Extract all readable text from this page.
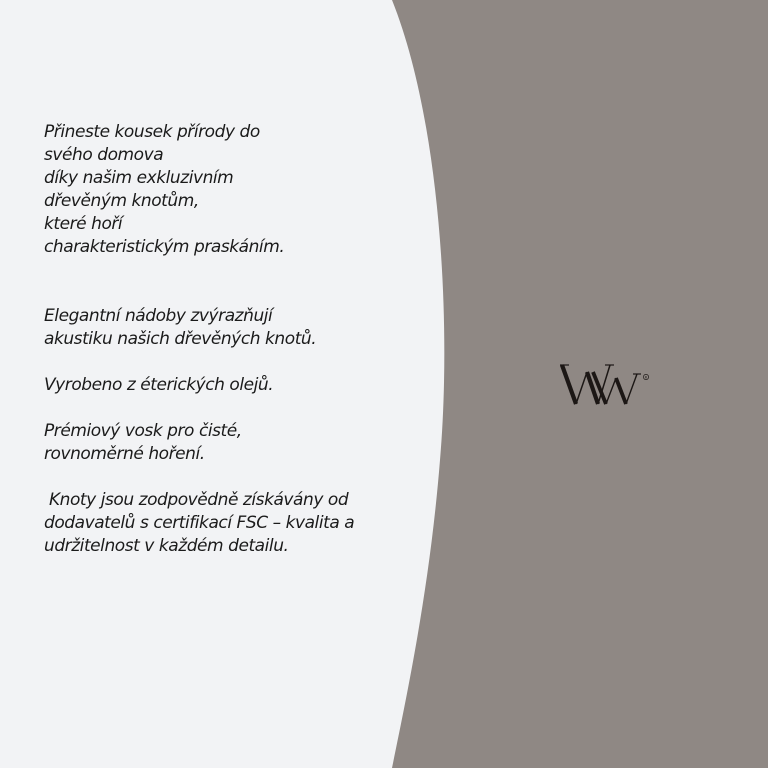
Přineste kousek přírody do
svého domova
díky našim exkluzivním
dřevěným knotům,
které hoří
charakteristickým praskáním.
Elegantní nádoby zvýrazňují
akustiku našich dřevěných knotů.
Vyrobeno z éterických olejů.
Prémiový vosk pro čisté,
rovnoměrné hoření.
Knoty jsou zodpovědně získávány od
dodavatelů s certifikací FSC – kvalita a
udržitelnost v každém detailu.
R
